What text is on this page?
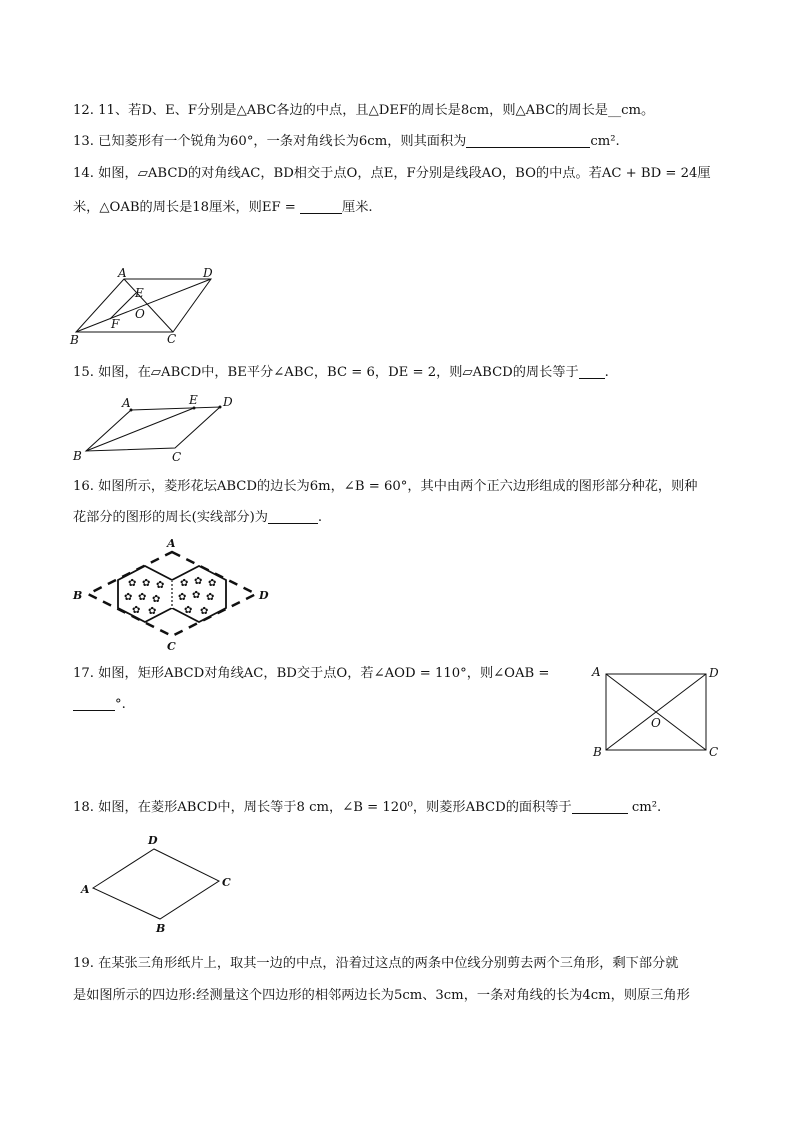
12. 11、若D、E、F分别是△ABC各边的中点，且△DEF的周长是8cm，则△ABC的周长是__cm。
13. 已知菱形有一个锐角为60°，一条对角线长为6cm，则其面积为	cm².
14. 如图，▱ABCD的对角线AC，BD相交于点O，点E，F分别是线段AO，BO的中点。若AC + BD = 24厘
米，△OAB的周长是18厘米，则EF =	厘米.
A	D
E
O
F
B	C
15. 如图，在▱ABCD中，BE平分∠ABC，BC = 6，DE = 2，则▱ABCD的周长等于 .
A	E D
B	C
16. 如图所示，菱形花坛ABCD的边长为6m，∠B = 60°，其中由两个正六边形组成的图形部分种花，则种
花部分的图形的周长(实线部分)为	.
✿ ✿ ✿
✿ ✿ ✿
✿ ✿
✿ ✿ ✿
✿ ✿ ✿
✿ ✿
A
B	D
C
17. 如图，矩形ABCD对角线AC，BD交于点O，若∠AOD = 110°，则∠OAB =
°.
A	D
O
B	C
18. 如图，在菱形ABCD中，周长等于8 cm，∠B = 120⁰，则菱形ABCD的面积等于	cm².
D
C
B
A
19. 在某张三角形纸片上，取其一边的中点，沿着过这点的两条中位线分别剪去两个三角形，剩下部分就
是如图所示的四边形:经测量这个四边形的相邻两边长为5cm、3cm，一条对角线的长为4cm，则原三角形
